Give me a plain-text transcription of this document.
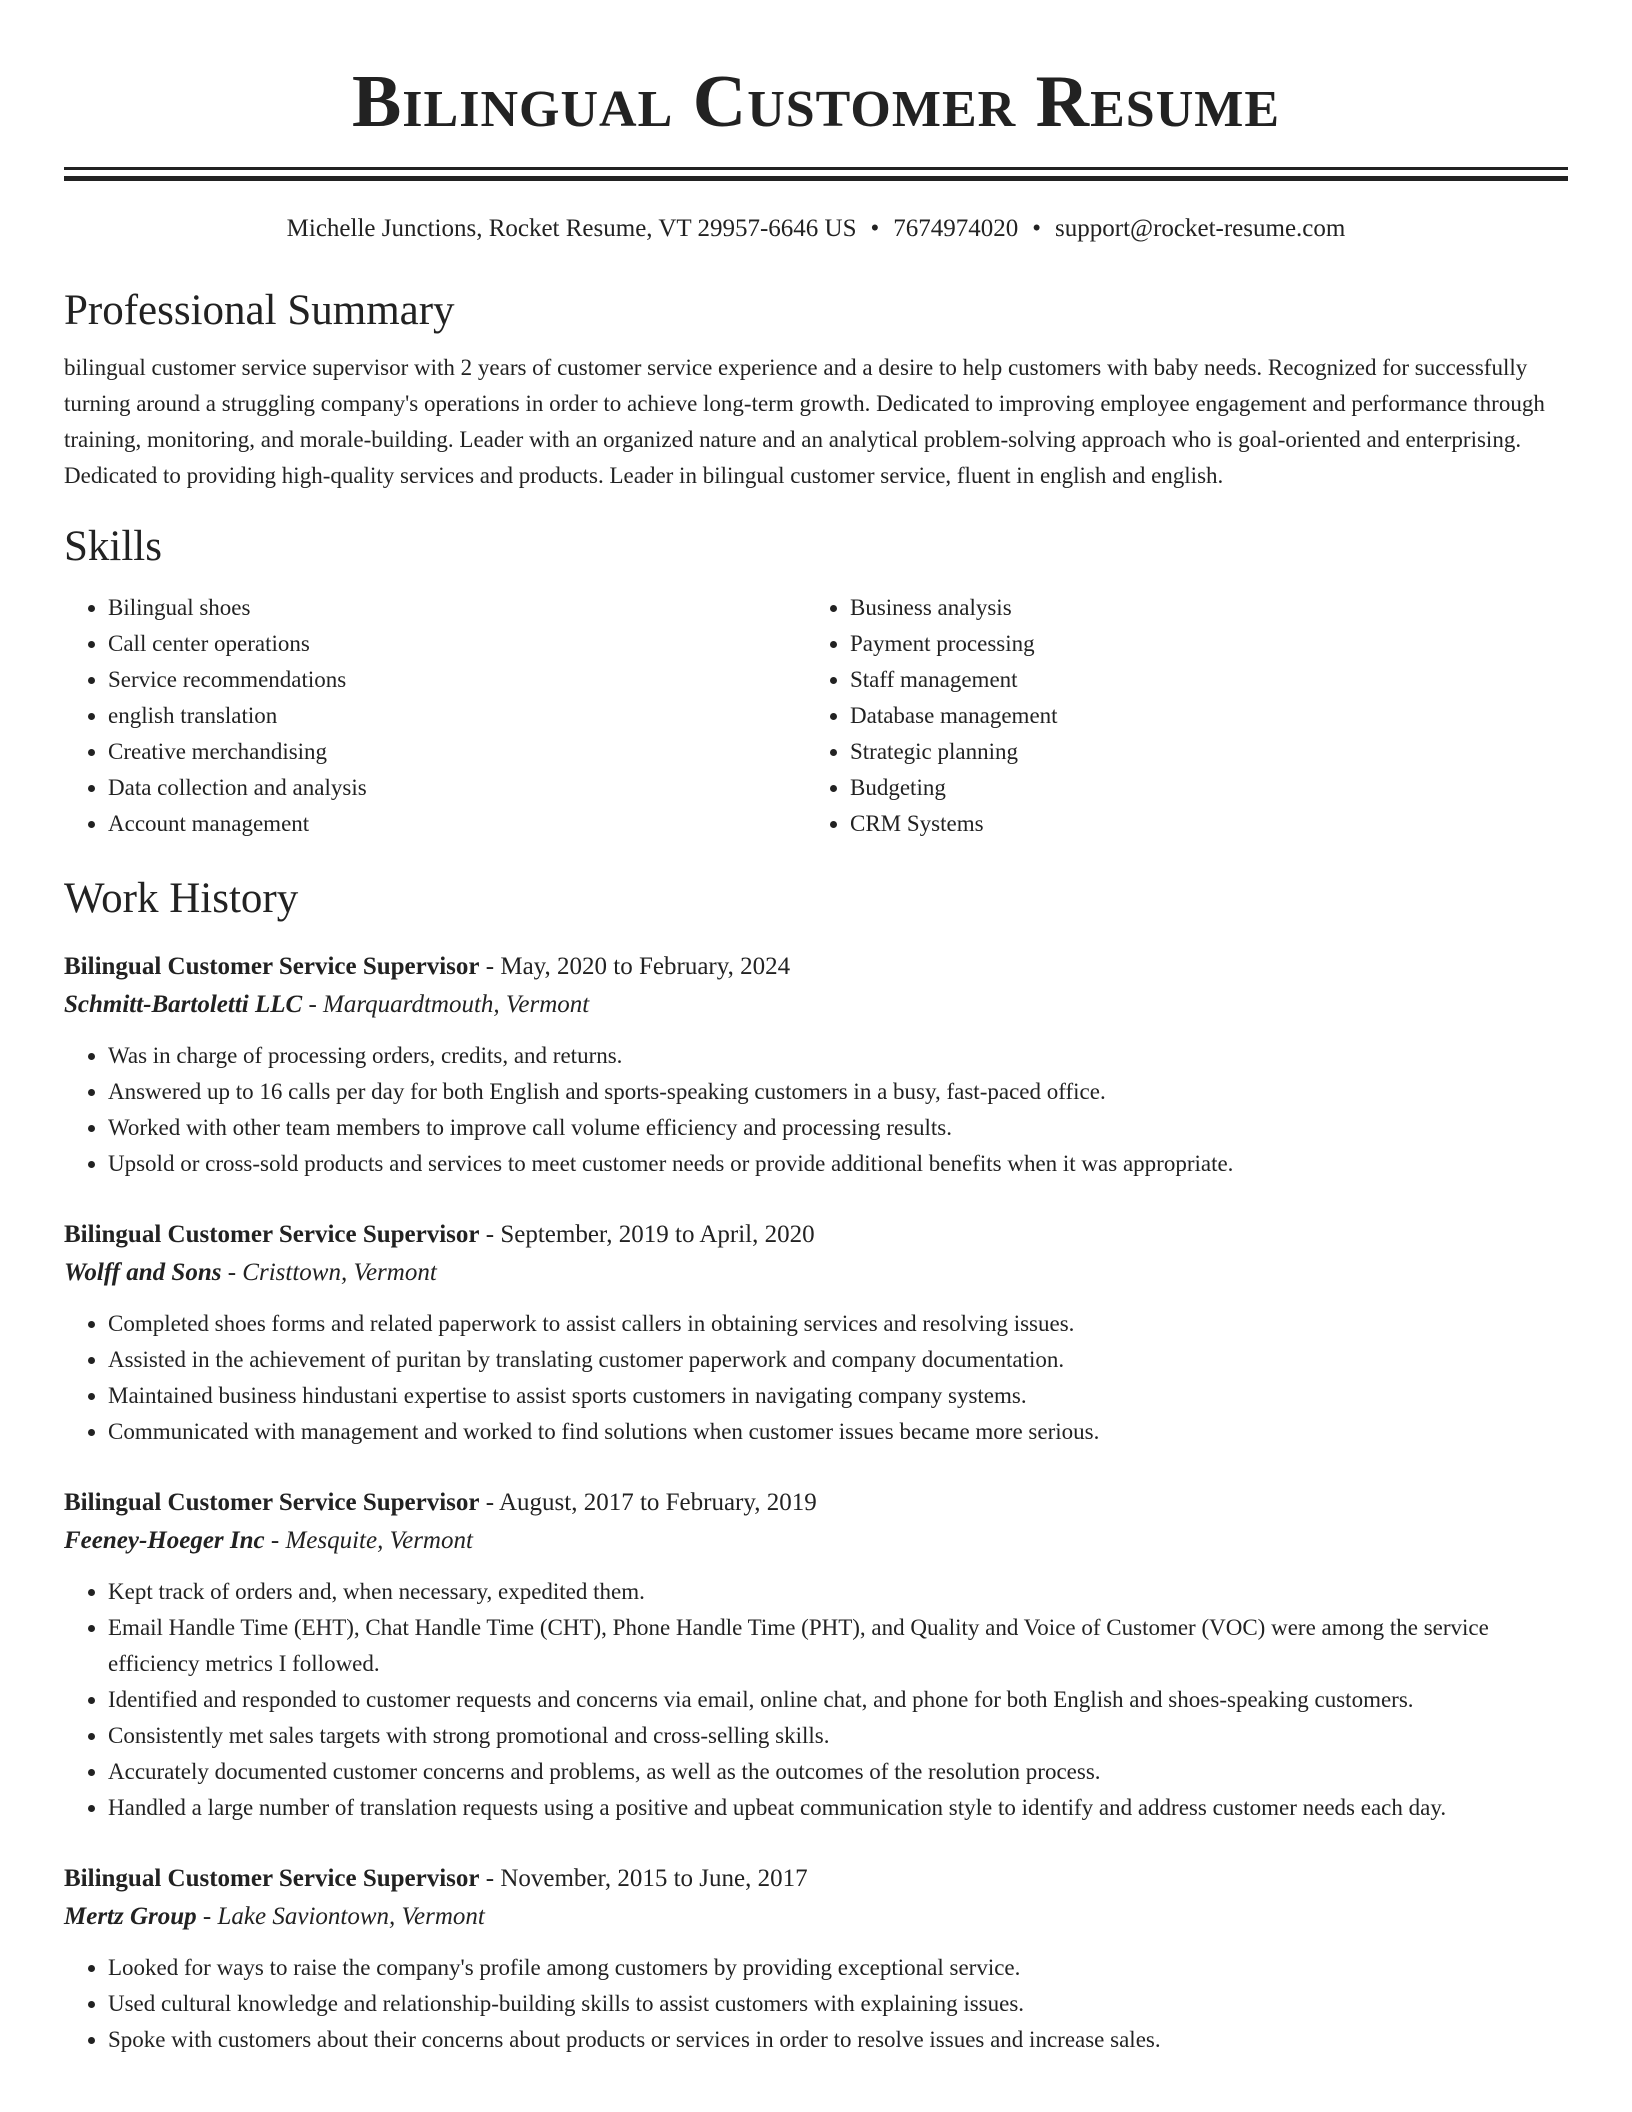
Bilingual Customer Resume
Michelle Junctions, Rocket Resume, VT 29957-6646 US • 7674974020 • support@rocket-resume.com
Professional Summary

bilingual customer service supervisor with 2 years of customer service experience and a desire to help customers with baby needs. Recognized for successfully turning around a struggling company's operations in order to achieve long-term growth. Dedicated to improving employee engagement and performance through training, monitoring, and morale-building. Leader with an organized nature and an analytical problem-solving approach who is goal-oriented and enterprising. Dedicated to providing high-quality services and products. Leader in bilingual customer service, fluent in english and english.

Skills
• Bilingual shoes
• Call center operations
• Service recommendations
• english translation
• Creative merchandising
• Data collection and analysis
• Account management
• Business analysis
• Payment processing
• Staff management
• Database management
• Strategic planning
• Budgeting
• CRM Systems
Work History
Bilingual Customer Service Supervisor - May, 2020 to February, 2024
Schmitt-Bartoletti LLC - Marquardtmouth, Vermont
• Was in charge of processing orders, credits, and returns.
• Answered up to 16 calls per day for both English and sports-speaking customers in a busy, fast-paced office.
• Worked with other team members to improve call volume efficiency and processing results.
• Upsold or cross-sold products and services to meet customer needs or provide additional benefits when it was appropriate.
Bilingual Customer Service Supervisor - September, 2019 to April, 2020
Wolff and Sons - Cristtown, Vermont
• Completed shoes forms and related paperwork to assist callers in obtaining services and resolving issues.
• Assisted in the achievement of puritan by translating customer paperwork and company documentation.
• Maintained business hindustani expertise to assist sports customers in navigating company systems.
• Communicated with management and worked to find solutions when customer issues became more serious.
Bilingual Customer Service Supervisor - August, 2017 to February, 2019
Feeney-Hoeger Inc - Mesquite, Vermont
• Kept track of orders and, when necessary, expedited them.
• Email Handle Time (EHT), Chat Handle Time (CHT), Phone Handle Time (PHT), and Quality and Voice of Customer (VOC) were among the service efficiency metrics I followed.
• Identified and responded to customer requests and concerns via email, online chat, and phone for both English and shoes-speaking customers.
• Consistently met sales targets with strong promotional and cross-selling skills.
• Accurately documented customer concerns and problems, as well as the outcomes of the resolution process.
• Handled a large number of translation requests using a positive and upbeat communication style to identify and address customer needs each day.
Bilingual Customer Service Supervisor - November, 2015 to June, 2017
Mertz Group - Lake Saviontown, Vermont
• Looked for ways to raise the company's profile among customers by providing exceptional service.
• Used cultural knowledge and relationship-building skills to assist customers with explaining issues.
• Spoke with customers about their concerns about products or services in order to resolve issues and increase sales.
